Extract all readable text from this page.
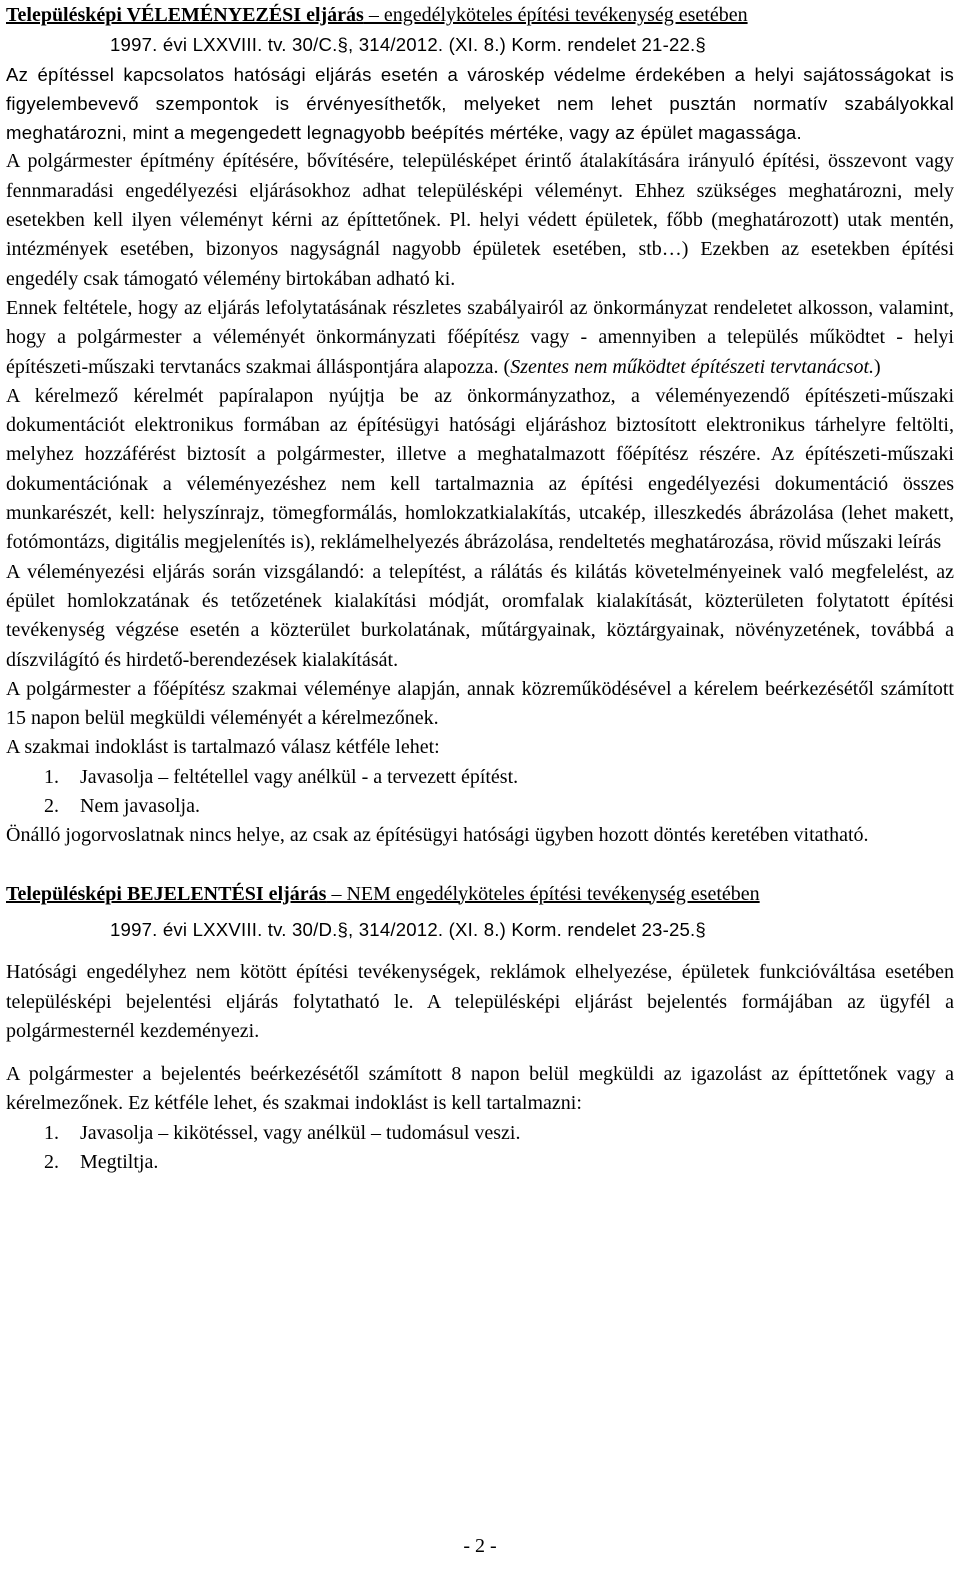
Településképi VÉLEMÉNYEZÉSI eljárás – engedélyköteles építési tevékenység esetében
1997. évi LXXVIII. tv. 30/C.§, 314/2012. (XI. 8.) Korm. rendelet 21-22.§

Az építéssel kapcsolatos hatósági eljárás esetén a városkép védelme érdekében a helyi sajátosságokat is figyelembevevő szempontok is érvényesíthetők, melyeket nem lehet pusztán normatív szabályokkal meghatározni, mint a megengedett legnagyobb beépítés mértéke, vagy az épület magassága.

A polgármester építmény építésére, bővítésére, településképet érintő átalakítására irányuló építési, összevont vagy fennmaradási engedélyezési eljárásokhoz adhat településképi véleményt. Ehhez szükséges meghatározni, mely esetekben kell ilyen véleményt kérni az építtetőnek. Pl. helyi védett épületek, főbb (meghatározott) utak mentén, intézmények esetében, bizonyos nagyságnál nagyobb épületek esetében, stb…) Ezekben az esetekben építési engedély csak támogató vélemény birtokában adható ki.

Ennek feltétele, hogy az eljárás lefolytatásának részletes szabályairól az önkormányzat rendeletet alkosson, valamint, hogy a polgármester a véleményét önkormányzati főépítész vagy - amennyiben a település működtet - helyi építészeti-műszaki tervtanács szakmai álláspontjára alapozza. (Szentes nem működtet építészeti tervtanácsot.)

A kérelmező kérelmét papíralapon nyújtja be az önkormányzathoz, a véleményezendő építészeti-műszaki dokumentációt elektronikus formában az építésügyi hatósági eljáráshoz biztosított elektronikus tárhelyre feltölti, melyhez hozzáférést biztosít a polgármester, illetve a meghatalmazott főépítész részére. Az építészeti-műszaki dokumentációnak a véleményezéshez nem kell tartalmaznia az építési engedélyezési dokumentáció összes munkarészét, kell: helyszínrajz, tömegformálás, homlokzatkialakítás, utcakép, illeszkedés ábrázolása (lehet makett, fotómontázs, digitális megjelenítés is), reklámelhelyezés ábrázolása, rendeltetés meghatározása, rövid műszaki leírás

A véleményezési eljárás során vizsgálandó: a telepítést, a rálátás és kilátás követelményeinek való megfelelést, az épület homlokzatának és tetőzetének kialakítási módját, oromfalak kialakítását, közterületen folytatott építési tevékenység végzése esetén a közterület burkolatának, műtárgyainak, köztárgyainak, növényzetének, továbbá a díszvilágító és hirdető-berendezések kialakítását.

A polgármester a főépítész szakmai véleménye alapján, annak közreműködésével a kérelem beérkezésétől számított 15 napon belül megküldi véleményét a kérelmezőnek.

A szakmai indoklást is tartalmazó válasz kétféle lehet:

1.	Javasolja – feltétellel vagy anélkül - a tervezett építést.
2.	Nem javasolja.

Önálló jogorvoslatnak nincs helye, az csak az építésügyi hatósági ügyben hozott döntés keretében vitatható.

Településképi BEJELENTÉSI eljárás – NEM engedélyköteles építési tevékenység esetében

1997. évi LXXVIII. tv. 30/D.§, 314/2012. (XI. 8.) Korm. rendelet 23-25.§

Hatósági engedélyhez nem kötött építési tevékenységek, reklámok elhelyezése, épületek funkcióváltása esetében településképi bejelentési eljárás folytatható le. A településképi eljárást bejelentés formájában az ügyfél a polgármesternél kezdeményezi.

A polgármester a bejelentés beérkezésétől számított 8 napon belül megküldi az igazolást az építtetőnek vagy a kérelmezőnek. Ez kétféle lehet, és szakmai indoklást is kell tartalmazni:

1.	Javasolja – kikötéssel, vagy anélkül – tudomásul veszi.
2.	Megtiltja.
- 2 -
